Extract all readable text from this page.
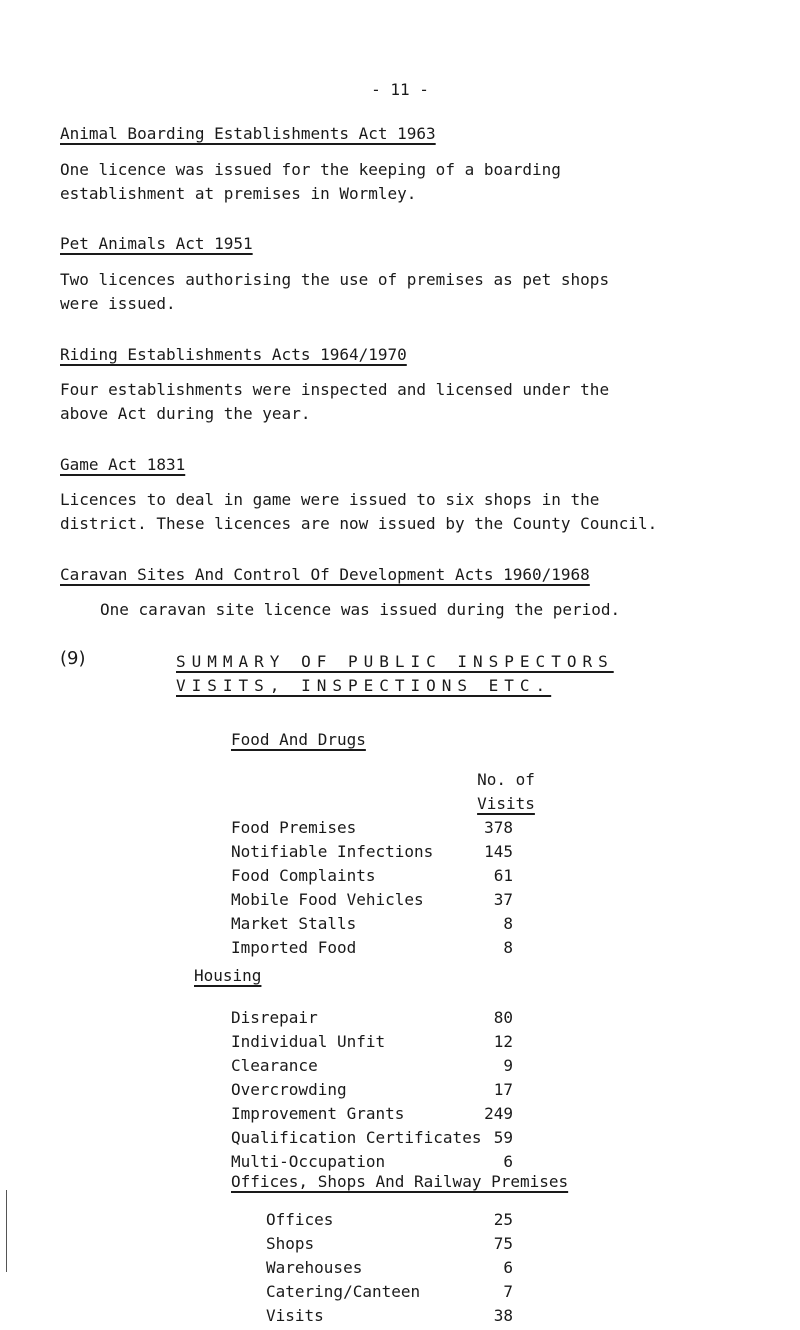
- 11 -
Animal Boarding Establishments Act 1963
One licence was issued for the keeping of a boarding
establishment at premises in Wormley.
Pet Animals Act 1951
Two licences authorising the use of premises as pet shops
were issued.
Riding Establishments Acts 1964/1970
Four establishments were inspected and licensed under the
above Act during the year.
Game Act 1831
Licences to deal in game were issued to six shops in the
district. These licences are now issued by the County Council.
Caravan Sites And Control Of Development Acts 1960/1968
One caravan site licence was issued during the period.
(9)	SUMMARY OF PUBLIC INSPECTORS
VISITS, INSPECTIONS ETC.
Food And Drugs
No. of
Visits
Food Premises	378
Notifiable Infections	145
Food Complaints	61
Mobile Food Vehicles	37
Market Stalls	8
Imported Food	8
Housing
Disrepair	80
Individual Unfit	12
Clearance	9
Overcrowding	17
Improvement Grants	249
Qualification Certificates 59
Multi-Occupation	6
Offices, Shops And Railway Premises
Offices	25
Shops	75
Warehouses	6
Catering/Canteen	7
Visits	38
